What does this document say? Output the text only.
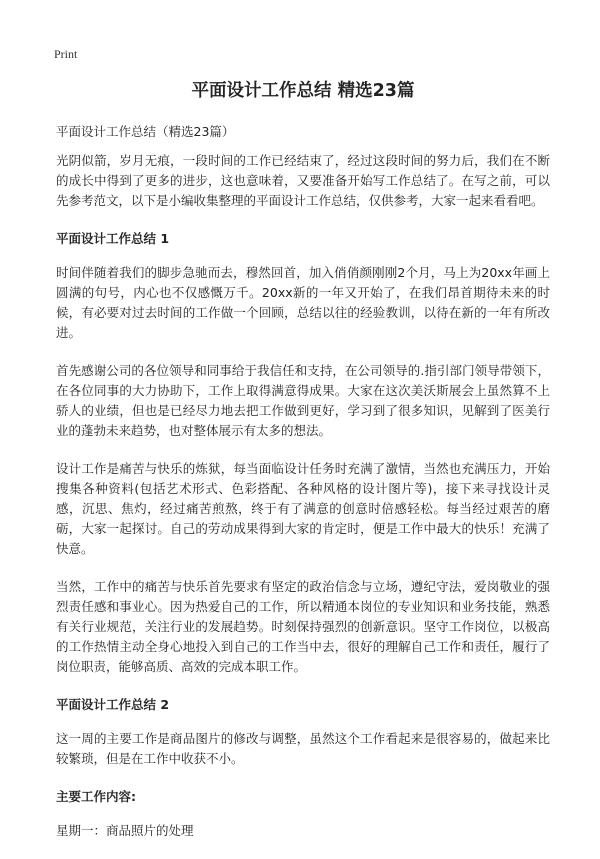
Print
平面设计工作总结 精选23篇
平面设计工作总结（精选23篇）

光阴似箭，岁月无痕，一段时间的工作已经结束了，经过这段时间的努力后，我们在不断的成长中得到了更多的进步，这也意味着，又要准备开始写工作总结了。在写之前，可以先参考范文，以下是小编收集整理的平面设计工作总结，仅供参考，大家一起来看看吧。

平面设计工作总结 1

时间伴随着我们的脚步急驰而去，穆然回首，加入俏俏颜刚刚2个月，马上为20xx年画上圆满的句号，内心也不仅感慨万千。20xx新的一年又开始了，在我们昂首期待未来的时候，有必要对过去时间的工作做一个回顾，总结以往的经验教训，以待在新的一年有所改进。

首先感谢公司的各位领导和同事给于我信任和支持，在公司领导的.指引部门领导带领下，在各位同事的大力协助下，工作上取得满意得成果。大家在这次美沃斯展会上虽然算不上骄人的业绩，但也是已经尽力地去把工作做到更好，学习到了很多知识，见解到了医美行业的蓬勃未来趋势，也对整体展示有太多的想法。

设计工作是痛苦与快乐的炼狱，每当面临设计任务时充满了激情，当然也充满压力，开始搜集各种资料(包括艺术形式、色彩搭配、各种风格的设计图片等)，接下来寻找设计灵感，沉思、焦灼，经过痛苦煎熬，终于有了满意的创意时倍感轻松。每当经过艰苦的磨砺，大家一起探讨。自己的劳动成果得到大家的肯定时，便是工作中最大的快乐！充满了快意。

当然，工作中的痛苦与快乐首先要求有坚定的政治信念与立场，遵纪守法，爱岗敬业的强烈责任感和事业心。因为热爱自己的工作，所以精通本岗位的专业知识和业务技能，熟悉有关行业规范，关注行业的发展趋势。时刻保持强烈的创新意识。坚守工作岗位，以极高的工作热情主动全身心地投入到自己的工作当中去，很好的理解自己工作和责任，履行了岗位职责，能够高质、高效的完成本职工作。

平面设计工作总结 2

这一周的主要工作是商品图片的修改与调整，虽然这个工作看起来是很容易的，做起来比较繁琐，但是在工作中收获不小。

主要工作内容:

星期一：商品照片的处理
